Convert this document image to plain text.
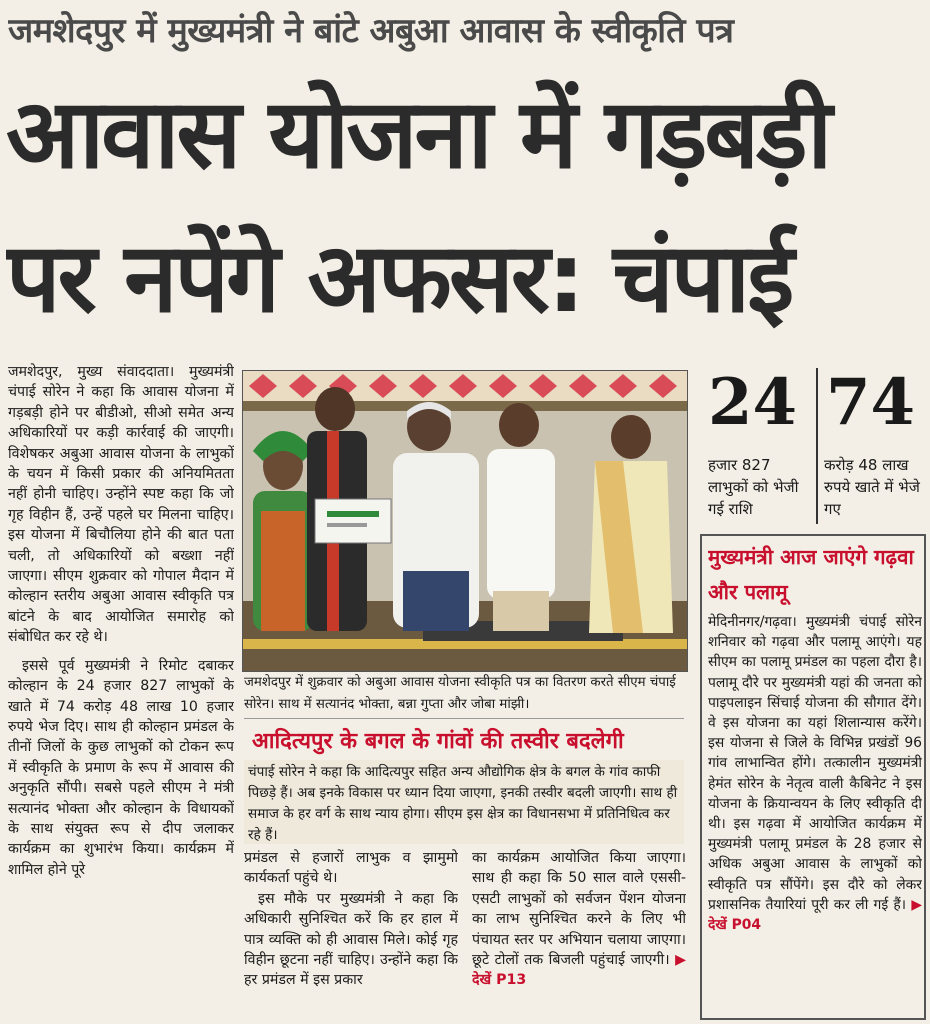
जमशेदपुर में मुख्यमंत्री ने बांटे अबुआ आवास के स्वीकृति पत्र
आवास योजना में गड़बड़ी
पर नपेंगे अफसर: चंपाई

जमशेदपुर, मुख्य संवाददाता। मुख्यमंत्री चंपाई सोरेन ने कहा कि आवास योजना में गड़बड़ी होने पर बीडीओ, सीओ समेत अन्य अधिकारियों पर कड़ी कार्रवाई की जाएगी। विशेषकर अबुआ आवास योजना के लाभुकों के चयन में किसी प्रकार की अनियमितता नहीं होनी चाहिए। उन्होंने स्पष्ट कहा कि जो गृह विहीन हैं, उन्हें पहले घर मिलना चाहिए। इस योजना में बिचौलिया होने की बात पता चली, तो अधिकारियों को बख्शा नहीं जाएगा। सीएम शुक्रवार को गोपाल मैदान में कोल्हान स्तरीय अबुआ आवास स्वीकृति पत्र बांटने के बाद आयोजित समारोह को संबोधित कर रहे थे।

इससे पूर्व मुख्यमंत्री ने रिमोट दबाकर कोल्हान के 24 हजार 827 लाभुकों के खाते में 74 करोड़ 48 लाख 10 हजार रुपये भेज दिए। साथ ही कोल्हान प्रमंडल के तीनों जिलों के कुछ लाभुकों को टोकन रूप में स्वीकृति के प्रमाण के रूप में आवास की अनुकृति सौंपी। सबसे पहले सीएम ने मंत्री सत्यानंद भोक्ता और कोल्हान के विधायकों के साथ संयुक्त रूप से दीप जलाकर कार्यक्रम का शुभारंभ किया। कार्यक्रम में शामिल होने पूरे

जमशेदपुर में शुक्रवार को अबुआ आवास योजना स्वीकृति पत्र का वितरण करते सीएम चंपाई सोरेन। साथ में सत्यानंद भोक्ता, बन्ना गुप्ता और जोबा मांझी।
24
हजार 827 लाभुकों को भेजी गई राशि
74
करोड़ 48 लाख रुपये खाते में भेजे गए
आदित्यपुर के बगल के गांवों की तस्वीर बदलेगी
चंपाई सोरेन ने कहा कि आदित्यपुर सहित अन्य औद्योगिक क्षेत्र के बगल के गांव काफी पिछड़े हैं। अब इनके विकास पर ध्यान दिया जाएगा, इनकी तस्वीर बदली जाएगी। साथ ही समाज के हर वर्ग के साथ न्याय होगा। सीएम इस क्षेत्र का विधानसभा में प्रतिनिधित्व कर रहे हैं।

प्रमंडल से हजारों लाभुक व झामुमो कार्यकर्ता पहुंचे थे।

इस मौके पर मुख्यमंत्री ने कहा कि अधिकारी सुनिश्चित करें कि हर हाल में पात्र व्यक्ति को ही आवास मिले। कोई गृह विहीन छूटना नहीं चाहिए। उन्होंने कहा कि हर प्रमंडल में इस प्रकार

का कार्यक्रम आयोजित किया जाएगा। साथ ही कहा कि 50 साल वाले एससी-एसटी लाभुकों को सर्वजन पेंशन योजना का लाभ सुनिश्चित करने के लिए भी पंचायत स्तर पर अभियान चलाया जाएगा। छूटे टोलों तक बिजली पहुंचाई जाएगी। ▶ देखें P13
मुख्यमंत्री आज जाएंगे गढ़वा और पलामू
मेदिनीनगर/गढ़वा। मुख्यमंत्री चंपाई सोरेन शनिवार को गढ़वा और पलामू आएंगे। यह सीएम का पलामू प्रमंडल का पहला दौरा है। पलामू दौरे पर मुख्यमंत्री यहां की जनता को पाइपलाइन सिंचाई योजना की सौगात देंगे। वे इस योजना का यहां शिलान्यास करेंगे। इस योजना से जिले के विभिन्न प्रखंडों 96 गांव लाभान्वित होंगे। तत्कालीन मुख्यमंत्री हेमंत सोरेन के नेतृत्व वाली कैबिनेट ने इस योजना के क्रियान्वयन के लिए स्वीकृति दी थी। इस गढ़वा में आयोजित कार्यक्रम में मुख्यमंत्री पलामू प्रमंडल के 28 हजार से अधिक अबुआ आवास के लाभुकों को स्वीकृति पत्र सौंपेंगे। इस दौरे को लेकर प्रशासनिक तैयारियां पूरी कर ली गई हैं। ▶ देखें P04
